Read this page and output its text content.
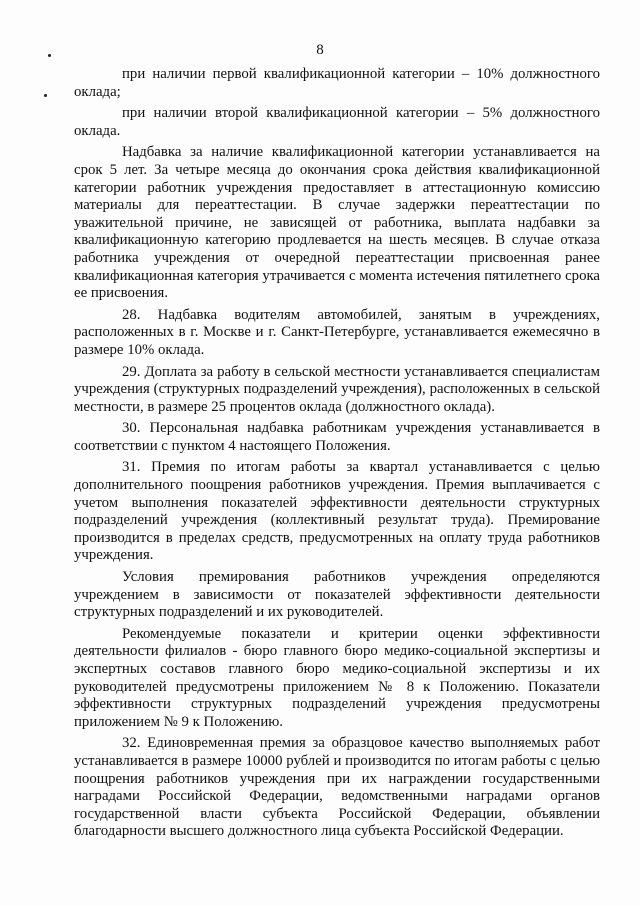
8

при наличии первой квалификационной категории – 10% должностного оклада;

при наличии второй квалификационной категории – 5% должностного оклада.

Надбавка за наличие квалификационной категории устанавливается на срок 5 лет. За четыре месяца до окончания срока действия квалификационной категории работник учреждения предоставляет в аттестационную комиссию материалы для переаттестации. В случае задержки переаттестации по уважительной причине, не зависящей от работника, выплата надбавки за квалификационную категорию продлевается на шесть месяцев. В случае отказа работника учреждения от очередной переаттестации присвоенная ранее квалификационная категория утрачивается с момента истечения пятилетнего срока ее присвоения.

28. Надбавка водителям автомобилей, занятым в учреждениях, расположенных в г. Москве и г. Санкт-Петербурге, устанавливается ежемесячно в размере 10% оклада.

29. Доплата за работу в сельской местности устанавливается специалистам учреждения (структурных подразделений учреждения), расположенных в сельской местности, в размере 25 процентов оклада (должностного оклада).

30. Персональная надбавка работникам учреждения устанавливается в соответствии с пунктом 4 настоящего Положения.

31. Премия по итогам работы за квартал устанавливается с целью дополнительного поощрения работников учреждения. Премия выплачивается с учетом выполнения показателей эффективности деятельности структурных подразделений учреждения (коллективный результат труда). Премирование производится в пределах средств, предусмотренных на оплату труда работников учреждения.

Условия премирования работников учреждения определяются учреждением в зависимости от показателей эффективности деятельности структурных подразделений и их руководителей.

Рекомендуемые показатели и критерии оценки эффективности деятельности филиалов - бюро главного бюро медико-социальной экспертизы и экспертных составов главного бюро медико-социальной экспертизы и их руководителей предусмотрены приложением № 8 к Положению. Показатели эффективности структурных подразделений учреждения предусмотрены приложением № 9 к Положению.

32. Единовременная премия за образцовое качество выполняемых работ устанавливается в размере 10000 рублей и производится по итогам работы с целью поощрения работников учреждения при их награждении государственными наградами Российской Федерации, ведомственными наградами органов государственной власти субъекта Российской Федерации, объявлении благодарности высшего должностного лица субъекта Российской Федерации.
